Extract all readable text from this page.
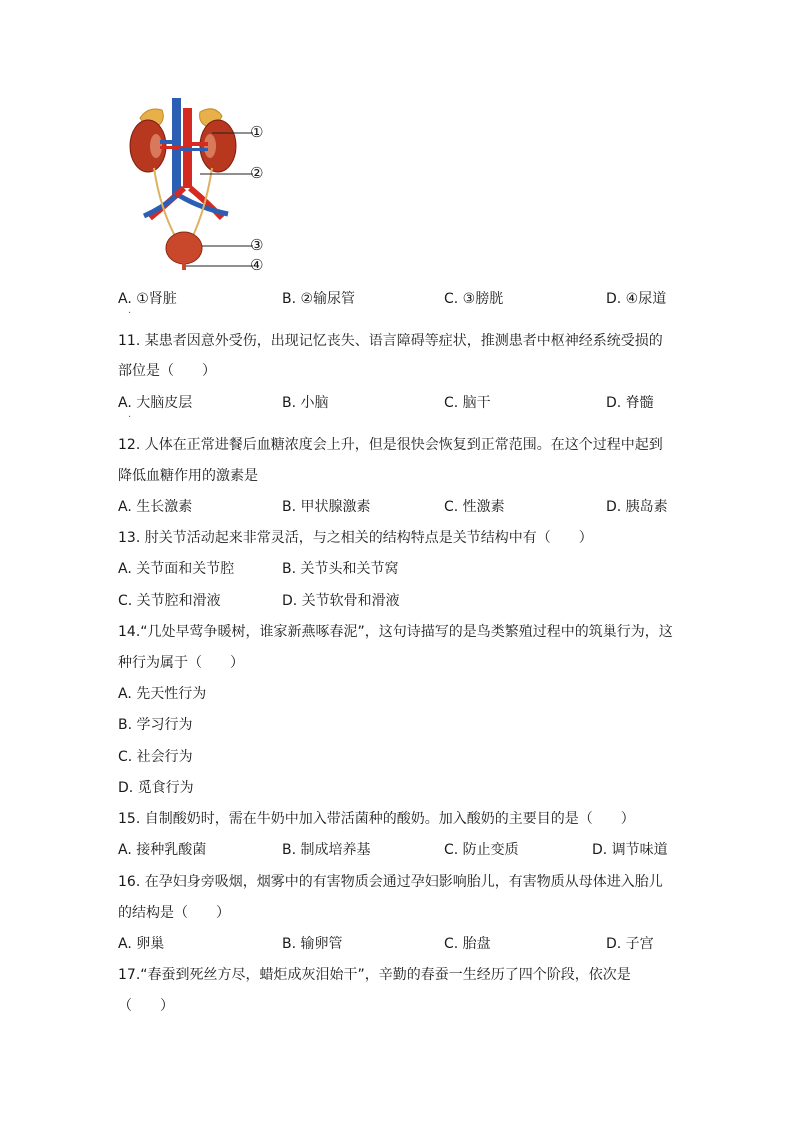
①
②
③
④
A. ①肾脏	B. ②输尿管	C. ③膀胱	D. ④尿道
.
11. 某患者因意外受伤，出现记忆丧失、语言障碍等症状，推测患者中枢神经系统受损的
部位是（　　）
A. 大脑皮层	B. 小脑	C. 脑干	D. 脊髓
.
12. 人体在正常进餐后血糖浓度会上升，但是很快会恢复到正常范围。在这个过程中起到
降低血糖作用的激素是
A. 生长激素	B. 甲状腺激素	C. 性激素	D. 胰岛素
13. 肘关节活动起来非常灵活，与之相关的结构特点是关节结构中有（　　）
A. 关节面和关节腔	B. 关节头和关节窝
C. 关节腔和滑液	D. 关节软骨和滑液
14.“几处早莺争暖树，谁家新燕啄春泥”，这句诗描写的是鸟类繁殖过程中的筑巢行为，这
种行为属于（　　）
A. 先天性行为
B. 学习行为
C. 社会行为
D. 觅食行为
15. 自制酸奶时，需在牛奶中加入带活菌种的酸奶。加入酸奶的主要目的是（　　）
A. 接种乳酸菌	B. 制成培养基	C. 防止变质	D. 调节味道
16. 在孕妇身旁吸烟，烟雾中的有害物质会通过孕妇影响胎儿，有害物质从母体进入胎儿
的结构是（　　）
A. 卵巢	B. 输卵管	C. 胎盘	D. 子宫
17.“春蚕到死丝方尽，蜡炬成灰泪始干”，辛勤的春蚕一生经历了四个阶段，依次是
（　　）
